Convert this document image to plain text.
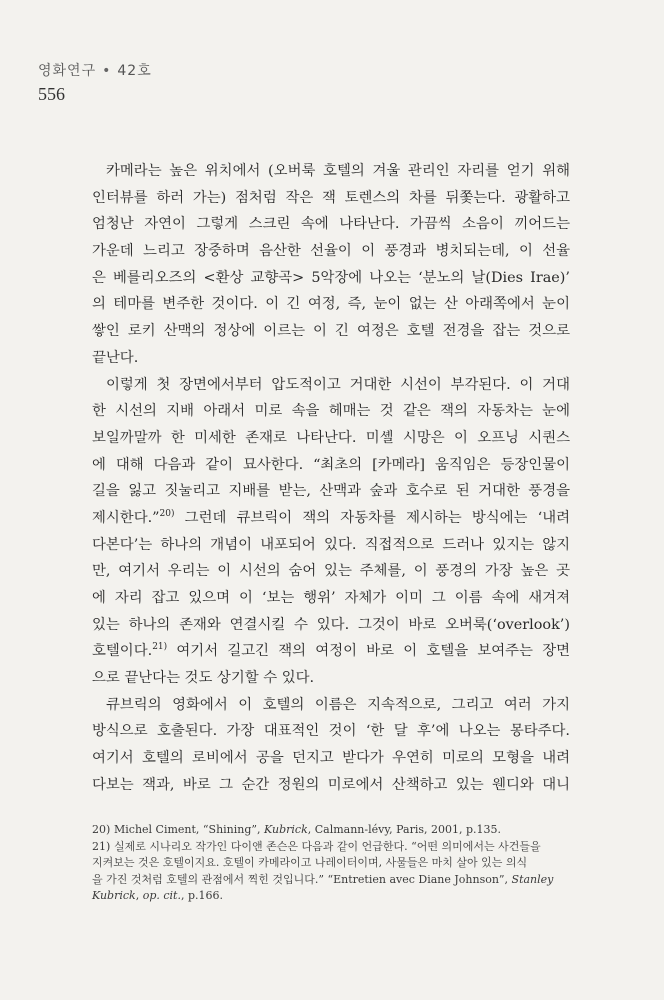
영화연구 • 42호
556
카메라는 높은 위치에서 (오버룩 호텔의 겨울 관리인 자리를 얻기 위해
인터뷰를 하러 가는) 점처럼 작은 잭 토렌스의 차를 뒤쫓는다. 광활하고
엄청난 자연이 그렇게 스크린 속에 나타난다. 가끔씩 소음이 끼어드는
가운데 느리고 장중하며 음산한 선율이 이 풍경과 병치되는데, 이 선율
은 베를리오즈의 <환상 교향곡> 5악장에 나오는 ‘분노의 날(Dies Irae)’
의 테마를 변주한 것이다. 이 긴 여정, 즉, 눈이 없는 산 아래쪽에서 눈이
쌓인 로키 산맥의 정상에 이르는 이 긴 여정은 호텔 전경을 잡는 것으로
끝난다.
이렇게 첫 장면에서부터 압도적이고 거대한 시선이 부각된다. 이 거대
한 시선의 지배 아래서 미로 속을 헤매는 것 같은 잭의 자동차는 눈에
보일까말까 한 미세한 존재로 나타난다. 미셸 시망은 이 오프닝 시퀀스
에 대해 다음과 같이 묘사한다. “최초의 [카메라] 움직임은 등장인물이
길을 잃고 짓눌리고 지배를 받는, 산맥과 숲과 호수로 된 거대한 풍경을
제시한다.”$^{20)}$ 그런데 큐브릭이 잭의 자동차를 제시하는 방식에는 ‘내려
다본다’는 하나의 개념이 내포되어 있다. 직접적으로 드러나 있지는 않지
만, 여기서 우리는 이 시선의 숨어 있는 주체를, 이 풍경의 가장 높은 곳
에 자리 잡고 있으며 이 ‘보는 행위’ 자체가 이미 그 이름 속에 새겨져
있는 하나의 존재와 연결시킬 수 있다. 그것이 바로 오버룩(‘overlook’)
호텔이다.$^{21)}$ 여기서 길고긴 잭의 여정이 바로 이 호텔을 보여주는 장면
으로 끝난다는 것도 상기할 수 있다.
큐브릭의 영화에서 이 호텔의 이름은 지속적으로, 그리고 여러 가지
방식으로 호출된다. 가장 대표적인 것이 ‘한 달 후’에 나오는 몽타주다.
여기서 호텔의 로비에서 공을 던지고 받다가 우연히 미로의 모형을 내려
다보는 잭과, 바로 그 순간 정원의 미로에서 산책하고 있는 웬디와 대니
20) Michel Ciment, “Shining”, Kubrick, Calmann-lévy, Paris, 2001, p.135.
21) 실제로 시나리오 작가인 다이앤 존슨은 다음과 같이 언급한다. “어떤 의미에서는 사건들을
지켜보는 것은 호텔이지요. 호텔이 카메라이고 나레이터이며, 사물들은 마치 살아 있는 의식
을 가진 것처럼 호텔의 관점에서 찍힌 것입니다.” “Entretien avec Diane Johnson”, Stanley
Kubrick, op. cit., p.166.
